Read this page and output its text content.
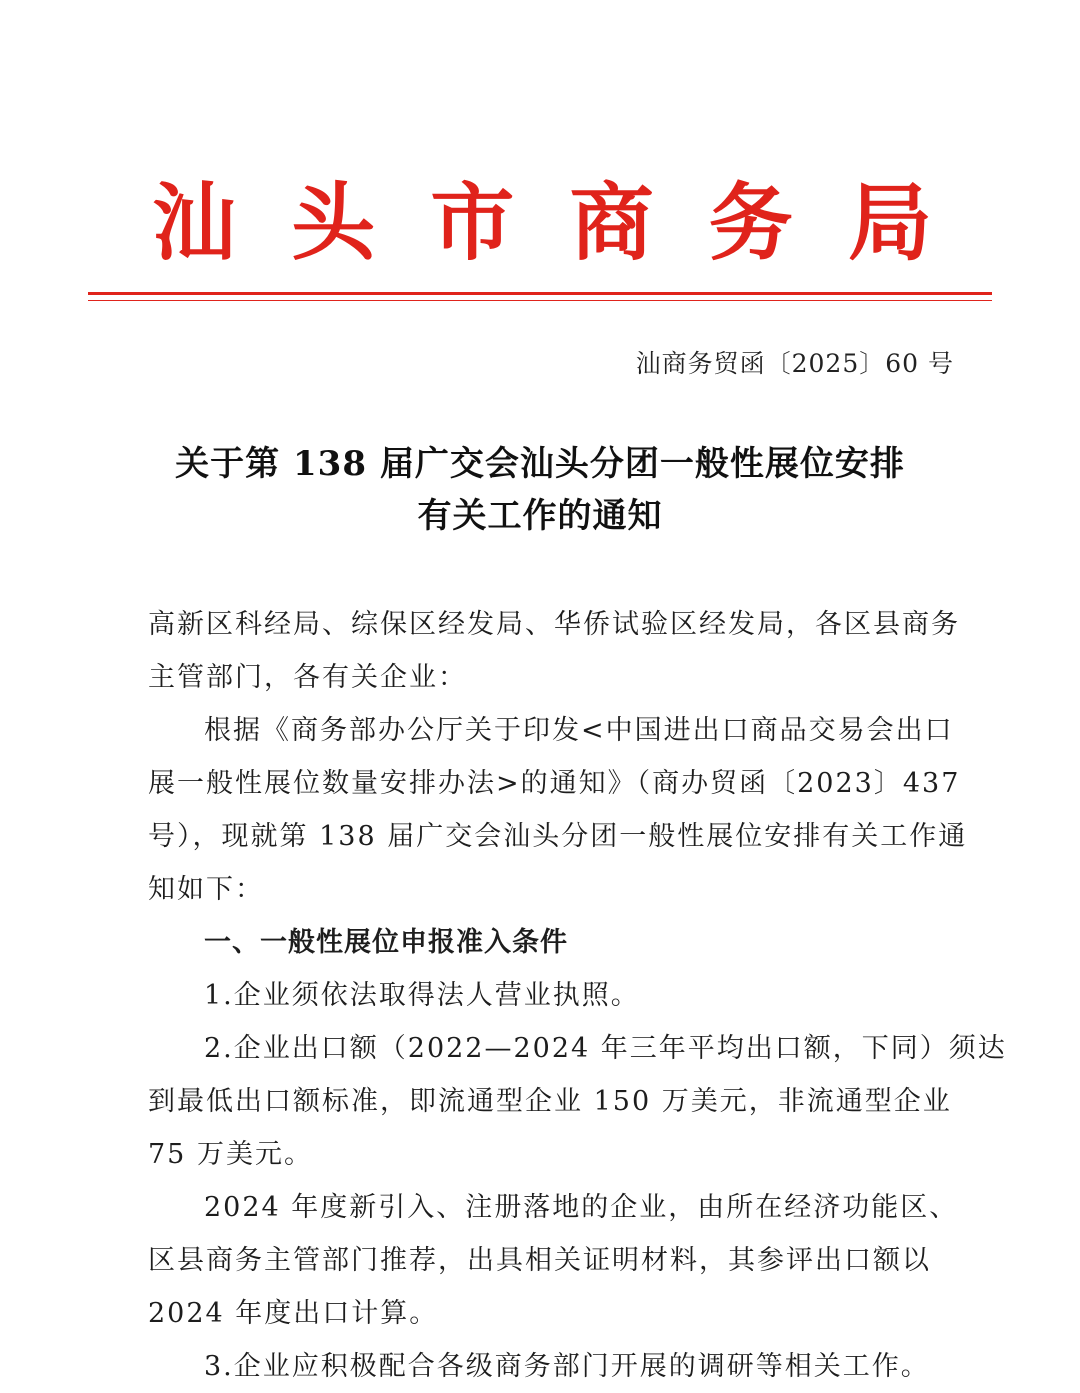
汕 头 市 商 务 局
汕商务贸函〔2025〕60 号
关于第 138 届广交会汕头分团一般性展位安排
有关工作的通知
高新区科经局、综保区经发局、华侨试验区经发局，各区县商务
主管部门，各有关企业：
根据《商务部办公厅关于印发<中国进出口商品交易会出口
展一般性展位数量安排办法>的通知》（商办贸函〔2023〕437
号），现就第 138 届广交会汕头分团一般性展位安排有关工作通
知如下：
一、一般性展位申报准入条件
1.企业须依法取得法人营业执照。
2.企业出口额（2022—2024 年三年平均出口额，下同）须达
到最低出口额标准，即流通型企业 150 万美元，非流通型企业
75 万美元。
2024 年度新引入、注册落地的企业，由所在经济功能区、
区县商务主管部门推荐，出具相关证明材料，其参评出口额以
2024 年度出口计算。
3.企业应积极配合各级商务部门开展的调研等相关工作。
